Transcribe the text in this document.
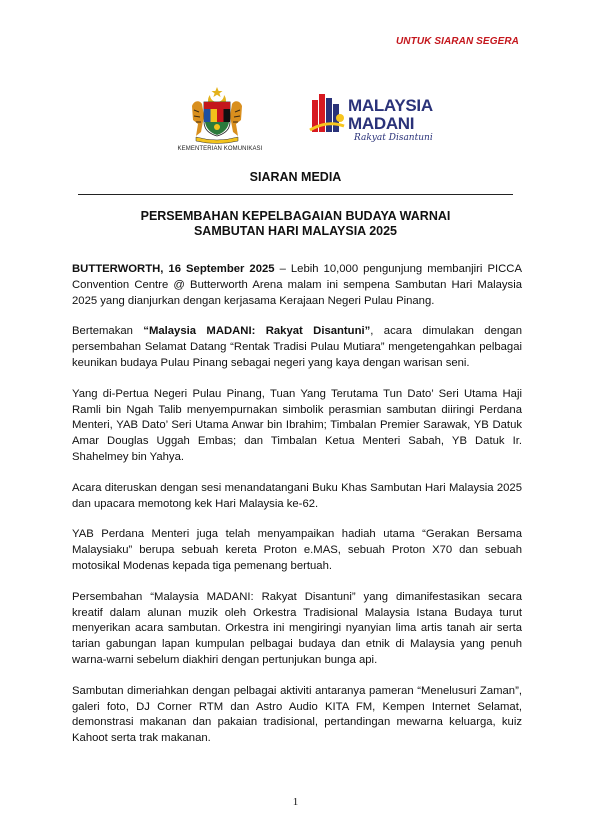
UNTUK SIARAN SEGERA
KEMENTERIAN KOMUNIKASI
MALAYSIA
MADANI
Rakyat Disantuni
SIARAN MEDIA
PERSEMBAHAN KEPELBAGAIAN BUDAYA WARNAI
SAMBUTAN HARI MALAYSIA 2025

BUTTERWORTH, 16 September 2025 – Lebih 10,000 pengunjung membanjiri PICCA Convention Centre @ Butterworth Arena malam ini sempena Sambutan Hari Malaysia 2025 yang dianjurkan dengan kerjasama Kerajaan Negeri Pulau Pinang.

Bertemakan “Malaysia MADANI: Rakyat Disantuni”, acara dimulakan dengan persembahan Selamat Datang “Rentak Tradisi Pulau Mutiara” mengetengahkan pelbagai keunikan budaya Pulau Pinang sebagai negeri yang kaya dengan warisan seni.

Yang di-Pertua Negeri Pulau Pinang, Tuan Yang Terutama Tun Dato’ Seri Utama Haji Ramli bin Ngah Talib menyempurnakan simbolik perasmian sambutan diiringi Perdana Menteri, YAB Dato’ Seri Utama Anwar bin Ibrahim; Timbalan Premier Sarawak, YB Datuk Amar Douglas Uggah Embas; dan Timbalan Ketua Menteri Sabah, YB Datuk Ir. Shahelmey bin Yahya.

Acara diteruskan dengan sesi menandatangani Buku Khas Sambutan Hari Malaysia 2025 dan upacara memotong kek Hari Malaysia ke-62.

YAB Perdana Menteri juga telah menyampaikan hadiah utama “Gerakan Bersama Malaysiaku” berupa sebuah kereta Proton e.MAS, sebuah Proton X70 dan sebuah motosikal Modenas kepada tiga pemenang bertuah.

Persembahan “Malaysia MADANI: Rakyat Disantuni” yang dimanifestasikan secara kreatif dalam alunan muzik oleh Orkestra Tradisional Malaysia Istana Budaya turut menyerikan acara sambutan. Orkestra ini mengiringi nyanyian lima artis tanah air serta tarian gabungan lapan kumpulan pelbagai budaya dan etnik di Malaysia yang penuh warna-warni sebelum diakhiri dengan pertunjukan bunga api.

Sambutan dimeriahkan dengan pelbagai aktiviti antaranya pameran “Menelusuri Zaman”, galeri foto, DJ Corner RTM dan Astro Audio KITA FM, Kempen Internet Selamat, demonstrasi makanan dan pakaian tradisional, pertandingan mewarna keluarga, kuiz Kahoot serta trak makanan.

1
